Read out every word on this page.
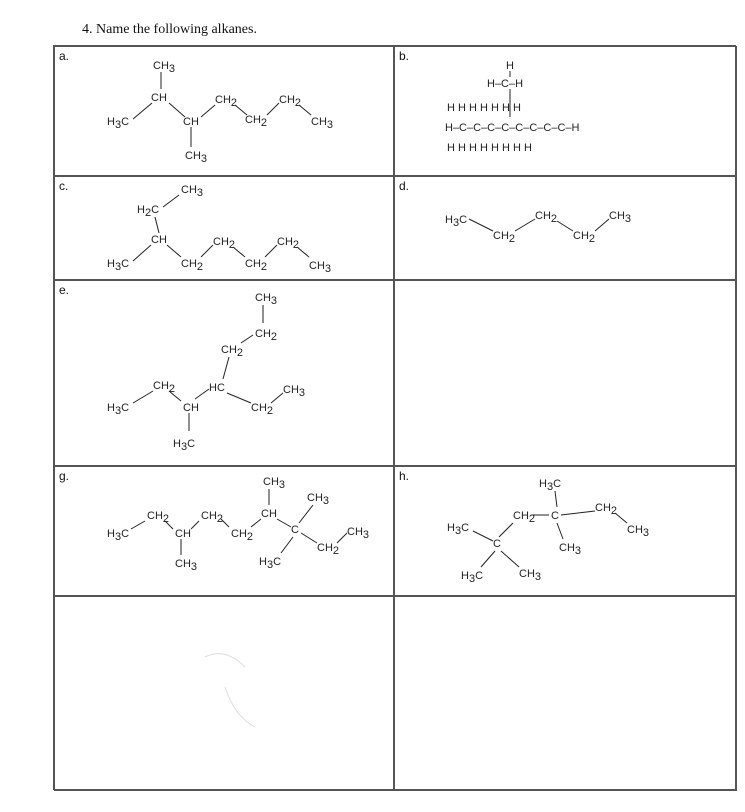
4. Name the following alkanes.
a.
CH3
CH
H3C	CH
CH3
CH2
CH2
CH2
CH3
b.
H
H–C–H
H H H H H H H
H–C–C–C–C–C–C–C–C–H
H H H H H H H H
c.	CH3
H2C
CH
H3C	CH2
CH2
CH2
CH2
CH3
d.
H3C
CH2
CH2
CH2
CH3
e.
CH3
CH2
CH2
HC
CH2
CH3
CH
H3C
CH2
H3C
g.	CH3
CH
CH3
C
CH2
CH3
H3C
CH2
CH2
CH
CH3
CH2
H3C
h.
H3C
C
CH2
CH3
CH3
CH2
C
H3C
H3C	CH3
